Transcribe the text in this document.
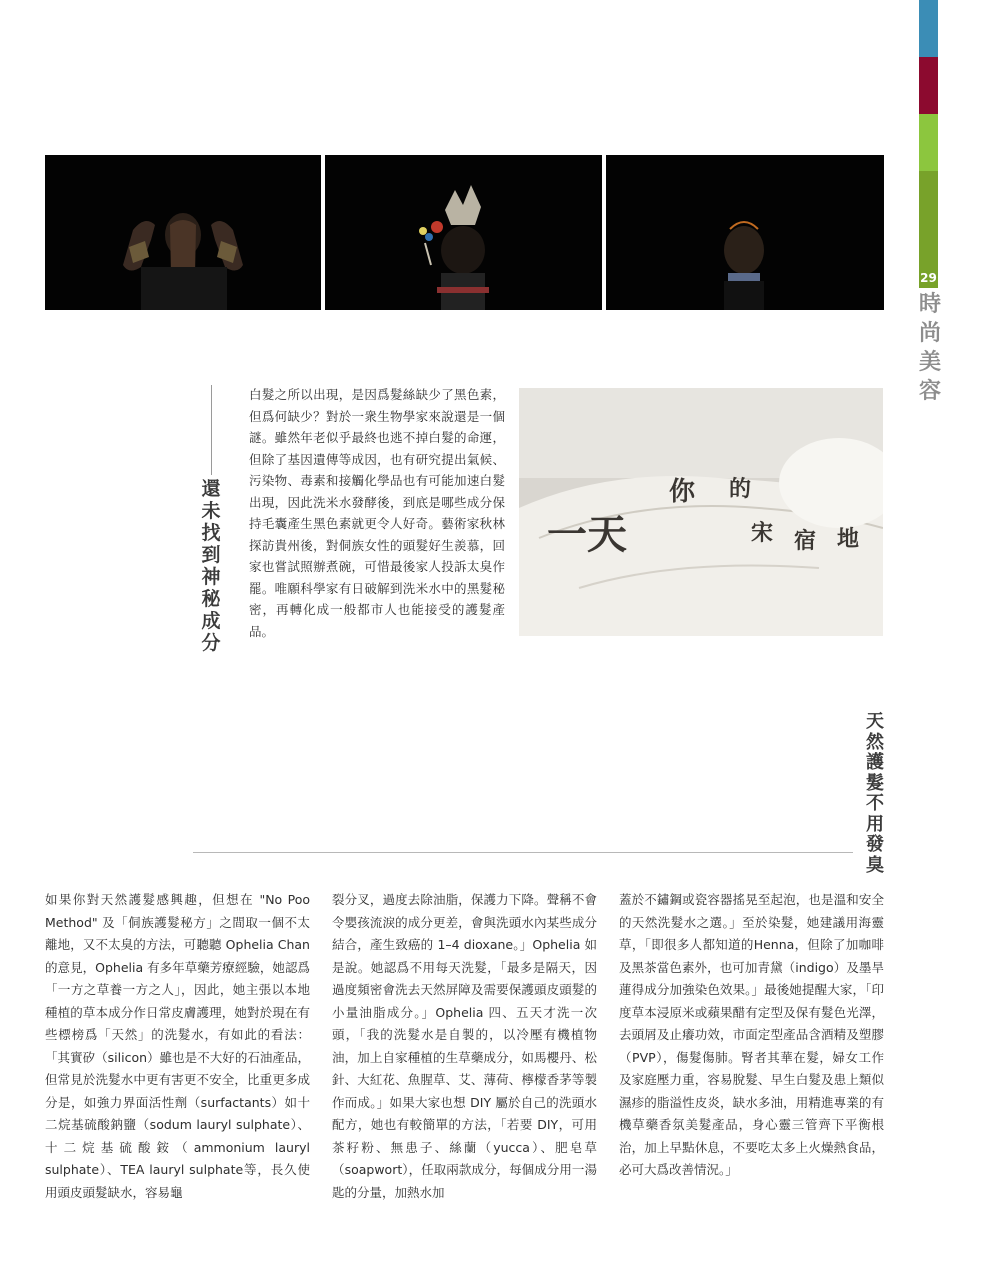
29
時
尚
美
容
還
未
找
到
神
秘
成
分
白髮之所以出現，是因爲髮絲缺少了黑色素，但爲何缺少？對於一衆生物學家來說還是一個謎。雖然年老似乎最終也逃不掉白髮的命運，但除了基因遺傳等成因，也有研究提出氣候、污染物、毒素和接觸化學品也有可能加速白髮出現，因此洗米水發酵後，到底是哪些成分保持毛囊產生黑色素就更令人好奇。藝術家秋林探訪貴州後，對侗族女性的頭髮好生羨慕，回家也嘗試照辦煮碗，可惜最後家人投訴太臭作罷。唯願科學家有日破解到洗米水中的黑髮秘密，再轉化成一般都市人也能接受的護髮產品。
一天
你 的
宋 宿 地
天
然
護
髮
不
用
發
臭
如果你對天然護髮感興趣，但想在 "No Poo Method" 及「侗族護髮秘方」之間取一個不太離地，又不太臭的方法，可聽聽 Ophelia Chan 的意見，Ophelia 有多年草藥芳療經驗，她認爲「一方之草養一方之人」，因此，她主張以本地種植的草本成分作日常皮膚護理，她對於現在有些標榜爲「天然」的洗髮水，有如此的看法：「其實矽（silicon）雖也是不大好的石油產品，但常見於洗髮水中更有害更不安全，比重更多成分是，如強力界面活性劑（surfactants）如十二烷基硫酸鈉鹽（sodum lauryl sulphate）、十二烷基硫酸銨（ammonium lauryl sulphate）、TEA lauryl sulphate等，長久使用頭皮頭髮缺水，容易龜
裂分叉，過度去除油脂，保護力下降。聲稱不會令嬰孩流淚的成分更差，會與洗頭水內某些成分結合，產生致癌的 1–4 dioxane。」Ophelia 如是說。她認爲不用每天洗髮，「最多是隔天，因過度頻密會洗去天然屏障及需要保護頭皮頭髮的小量油脂成分。」Ophelia 四、五天才洗一次頭，「我的洗髮水是自製的，以冷壓有機植物油，加上自家種植的生草藥成分，如馬櫻丹、松針、大紅花、魚腥草、艾、薄荷、檸檬香茅等製作而成。」如果大家也想 DIY 屬於自己的洗頭水配方，她也有較簡單的方法，「若要 DIY，可用茶籽粉、無患子、絲蘭（yucca）、肥皂草（soapwort），任取兩款成分，每個成分用一湯匙的分量，加熱水加
蓋於不鏽鋼或瓷容器搖晃至起泡，也是溫和安全的天然洗髮水之選。」至於染髮，她建議用海靈草，「即很多人都知道的Henna，但除了加咖啡及黑茶當色素外，也可加青黛（indigo）及墨旱蓮得成分加強染色效果。」最後她提醒大家，「印度草本浸原米或蘋果醋有定型及保有髮色光澤，去頭屑及止癢功效，市面定型產品含酒精及塑膠（PVP），傷髮傷肺。腎者其華在髮，婦女工作及家庭壓力重，容易脫髮、早生白髮及患上類似濕疹的脂溢性皮炎，缺水多油，用精進專業的有機草藥香氛美髮產品，身心靈三管齊下平衡根治，加上早點休息，不要吃太多上火燥熱食品，必可大爲改善情況。」
